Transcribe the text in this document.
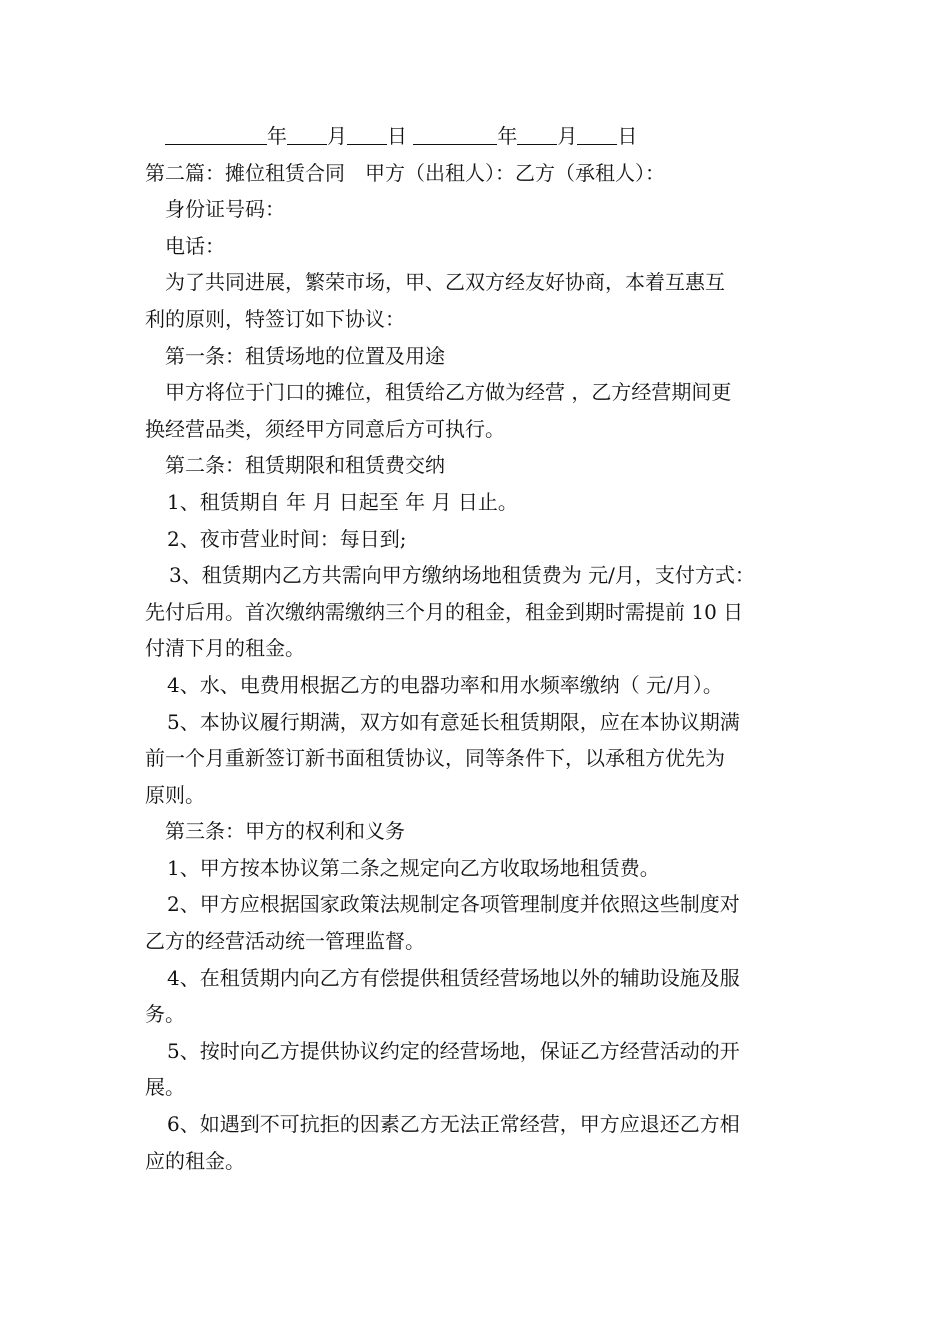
年 月 日	年 月 日

第二篇：摊位租赁合同　甲方（出租人）：乙方（承租人）：

身份证号码：

电话：

为了共同进展，繁荣市场，甲、乙双方经友好协商，本着互惠互

利的原则，特签订如下协议：

第一条：租赁场地的位置及用途

甲方将位于门口的摊位，租赁给乙方做为经营 ，乙方经营期间更

换经营品类，须经甲方同意后方可执行。

第二条：租赁期限和租赁费交纳

1、租赁期自 年 月 日起至 年 月 日止。

2、夜市营业时间：每日到;

3、租赁期内乙方共需向甲方缴纳场地租赁费为 元/月，支付方式：

先付后用。首次缴纳需缴纳三个月的租金，租金到期时需提前 10 日

付清下月的租金。

4、水、电费用根据乙方的电器功率和用水频率缴纳（ 元/月）。

5、本协议履行期满，双方如有意延长租赁期限，应在本协议期满

前一个月重新签订新书面租赁协议，同等条件下，以承租方优先为

原则。

第三条：甲方的权利和义务

1、甲方按本协议第二条之规定向乙方收取场地租赁费。

2、甲方应根据国家政策法规制定各项管理制度并依照这些制度对

乙方的经营活动统一管理监督。

4、在租赁期内向乙方有偿提供租赁经营场地以外的辅助设施及服

务。

5、按时向乙方提供协议约定的经营场地，保证乙方经营活动的开

展。

6、如遇到不可抗拒的因素乙方无法正常经营，甲方应退还乙方相

应的租金。
